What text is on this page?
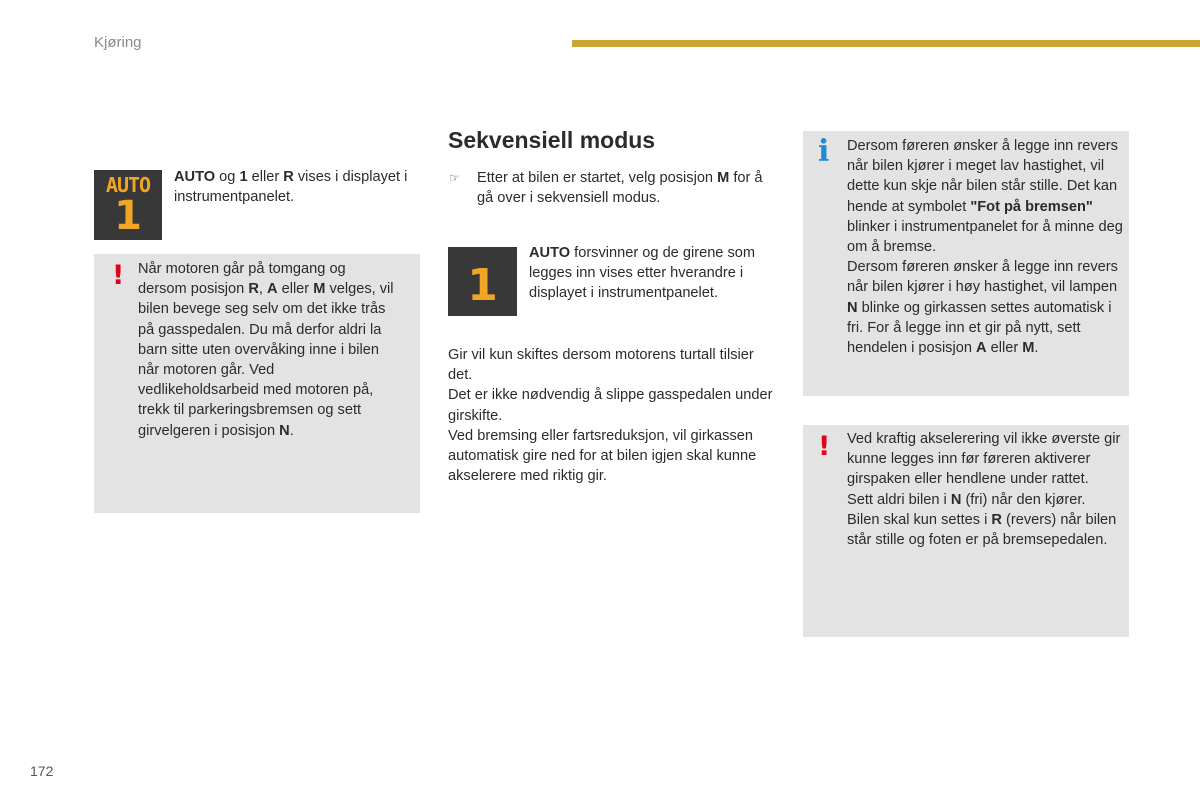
Kjøring
AUTO
1
AUTO og 1 eller R vises i displayet i instrumentpanelet.
! Når motoren går på tomgang og dersom posisjon R, A eller M velges, vil bilen bevege seg selv om det ikke trås på gasspedalen. Du må derfor aldri la barn sitte uten overvåking inne i bilen når motoren går. Ved vedlikeholdsarbeid med motoren på, trekk til parkeringsbremsen og sett girvelgeren i posisjon N.
Sekvensiell modus
☞ Etter at bilen er startet, velg posisjon M for å gå over i sekvensiell modus.
1
AUTO forsvinner og de girene som legges inn vises etter hverandre i displayet i instrumentpanelet.

Gir vil kun skiftes dersom motorens turtall tilsier det.

Det er ikke nødvendig å slippe gasspedalen under girskifte.

Ved bremsing eller fartsreduksjon, vil girkassen automatisk gire ned for at bilen igjen skal kunne akselerere med riktig gir.

i Dersom føreren ønsker å legge inn revers når bilen kjører i meget lav hastighet, vil dette kun skje når bilen står stille. Det kan hende at symbolet "Fot på bremsen" blinker i instrumentpanelet for å minne deg om å bremse.
Dersom føreren ønsker å legge inn revers når bilen kjører i høy hastighet, vil lampen N blinke og girkassen settes automatisk i fri. For å legge inn et gir på nytt, sett hendelen i posisjon A eller M.
! Ved kraftig akselerering vil ikke øverste gir kunne legges inn før føreren aktiverer girspaken eller hendlene under rattet.
Sett aldri bilen i N (fri) når den kjører.
Bilen skal kun settes i R (revers) når bilen står stille og foten er på bremsepedalen.
172
